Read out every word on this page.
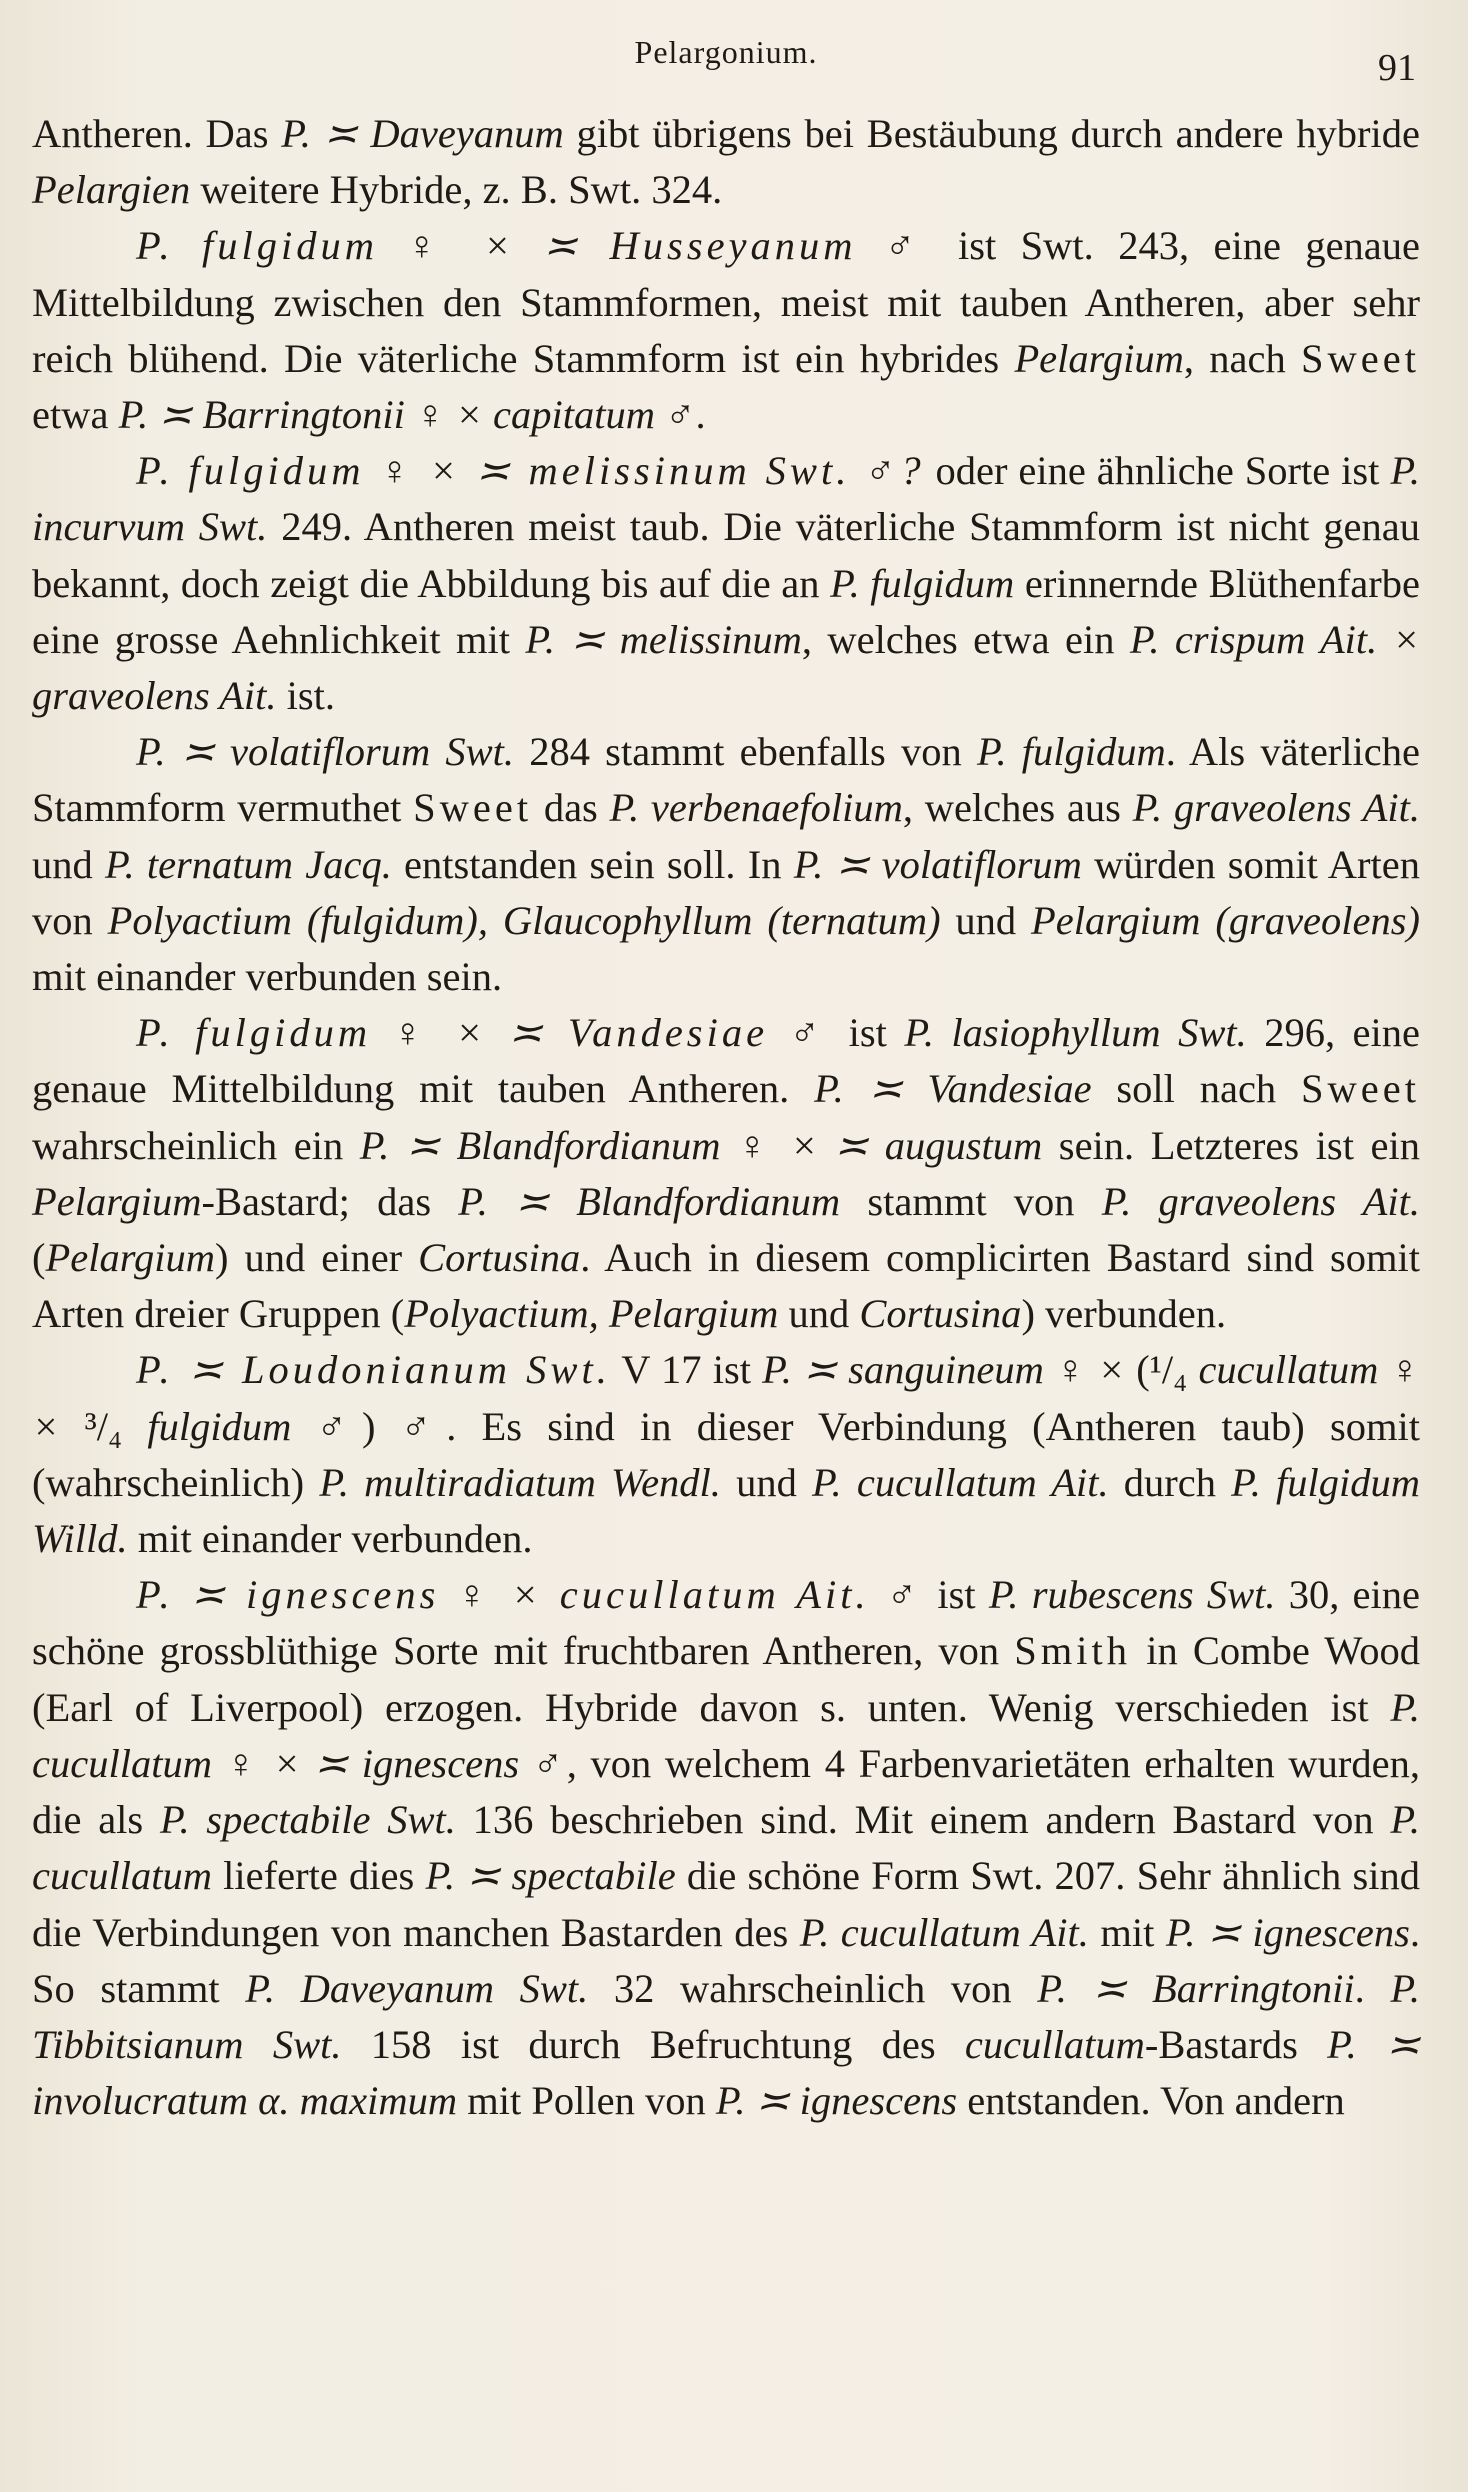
Pelargonium.	91

Antheren. Das P. ≍ Daveyanum gibt übrigens bei Bestäubung durch andere hybride Pelargien weitere Hybride, z. B. Swt. 324.

P. fulgidum ♀ × ≍ Husseyanum ♂ ist Swt. 243, eine genaue Mittelbildung zwischen den Stammformen, meist mit tauben Antheren, aber sehr reich blühend. Die väterliche Stammform ist ein hybrides Pelargium, nach Sweet etwa P. ≍ Barringtonii ♀ × capitatum ♂.

P. fulgidum ♀ × ≍ melissinum Swt. ♂? oder eine ähnliche Sorte ist P. incurvum Swt. 249. Antheren meist taub. Die väterliche Stammform ist nicht genau bekannt, doch zeigt die Abbildung bis auf die an P. fulgidum erinnernde Blüthenfarbe eine grosse Aehnlichkeit mit P. ≍ melissinum, welches etwa ein P. crispum Ait. × graveolens Ait. ist.

P. ≍ volatiflorum Swt. 284 stammt ebenfalls von P. fulgidum. Als väterliche Stammform vermuthet Sweet das P. verbenaefolium, welches aus P. graveolens Ait. und P. ternatum Jacq. entstanden sein soll. In P. ≍ volatiflorum würden somit Arten von Polyactium (fulgidum), Glaucophyllum (ternatum) und Pelargium (graveolens) mit einander verbunden sein.

P. fulgidum ♀ × ≍ Vandesiae ♂ ist P. lasiophyllum Swt. 296, eine genaue Mittelbildung mit tauben Antheren. P. ≍ Vandesiae soll nach Sweet wahrscheinlich ein P. ≍ Blandfordianum ♀ × ≍ augustum sein. Letzteres ist ein Pelargium-Bastard; das P. ≍ Blandfordianum stammt von P. graveolens Ait. (Pelargium) und einer Cortusina. Auch in diesem complicirten Bastard sind somit Arten dreier Gruppen (Polyactium, Pelargium und Cortusina) verbunden.

P. ≍ Loudonianum Swt. V 17 ist P. ≍ sanguineum ♀ × (¹/₄ cucullatum ♀ × ³/₄ fulgidum ♂) ♂. Es sind in dieser Verbindung (Antheren taub) somit (wahrscheinlich) P. multiradiatum Wendl. und P. cucullatum Ait. durch P. fulgidum Willd. mit einander verbunden.

P. ≍ ignescens ♀ × cucullatum Ait. ♂ ist P. rubescens Swt. 30, eine schöne grossblüthige Sorte mit fruchtbaren Antheren, von Smith in Combe Wood (Earl of Liverpool) erzogen. Hybride davon s. unten. Wenig verschieden ist P. cucullatum ♀ × ≍ ignescens ♂, von welchem 4 Farbenvarietäten erhalten wurden, die als P. spectabile Swt. 136 beschrieben sind. Mit einem andern Bastard von P. cucullatum lieferte dies P. ≍ spectabile die schöne Form Swt. 207. Sehr ähnlich sind die Verbindungen von manchen Bastarden des P. cucullatum Ait. mit P. ≍ ignescens. So stammt P. Daveyanum Swt. 32 wahrscheinlich von P. ≍ Barringtonii. P. Tibbitsianum Swt. 158 ist durch Befruchtung des cucullatum-Bastards P. ≍ involucratum α. maximum mit Pollen von P. ≍ ignescens entstanden. Von andern
